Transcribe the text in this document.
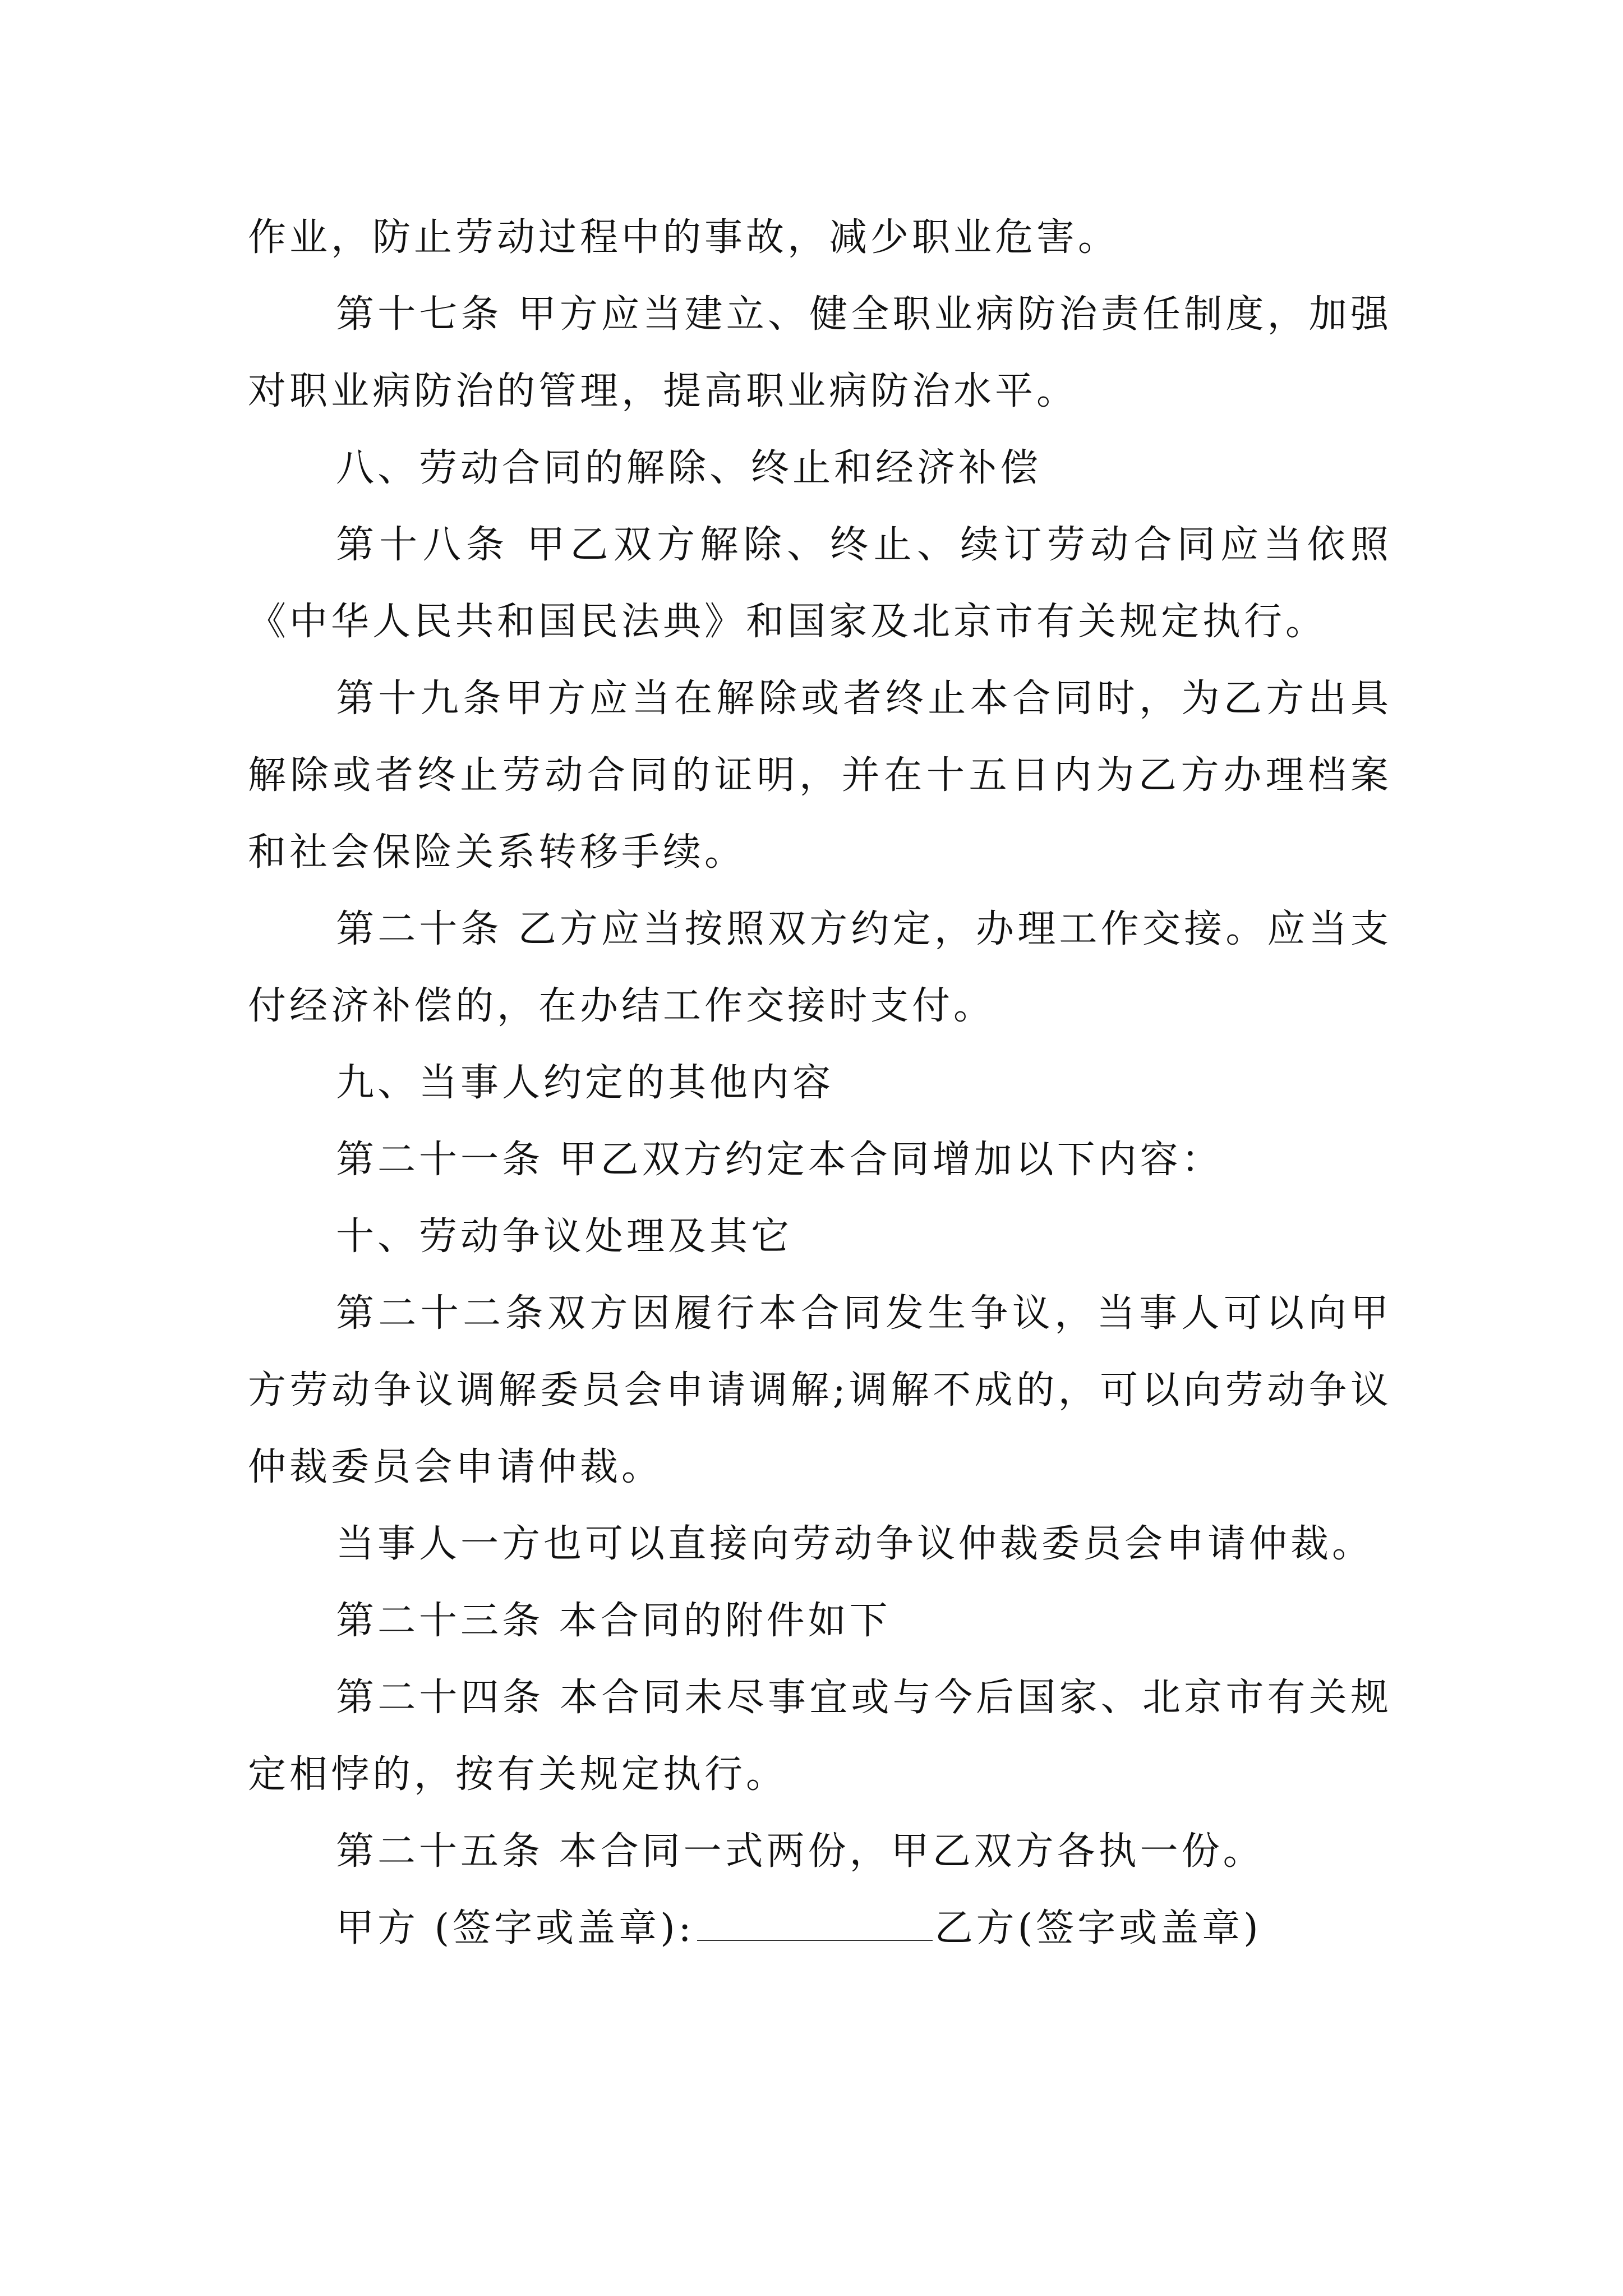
作业，防止劳动过程中的事故，减少职业危害。

第十七条 甲方应当建立、健全职业病防治责任制度，加强对职业病防治的管理，提高职业病防治水平。

八、劳动合同的解除、终止和经济补偿

第十八条 甲乙双方解除、终止、续订劳动合同应当依照《中华人民共和国民法典》和国家及北京市有关规定执行。

第十九条甲方应当在解除或者终止本合同时，为乙方出具解除或者终止劳动合同的证明，并在十五日内为乙方办理档案和社会保险关系转移手续。

第二十条 乙方应当按照双方约定，办理工作交接。应当支付经济补偿的，在办结工作交接时支付。

九、当事人约定的其他内容

第二十一条 甲乙双方约定本合同增加以下内容：

十、劳动争议处理及其它

第二十二条双方因履行本合同发生争议，当事人可以向甲方劳动争议调解委员会申请调解;调解不成的，可以向劳动争议仲裁委员会申请仲裁。

当事人一方也可以直接向劳动争议仲裁委员会申请仲裁。

第二十三条 本合同的附件如下

第二十四条 本合同未尽事宜或与今后国家、北京市有关规定相悖的，按有关规定执行。

第二十五条 本合同一式两份，甲乙双方各执一份。

甲方 (签字或盖章):	乙方(签字或盖章)
